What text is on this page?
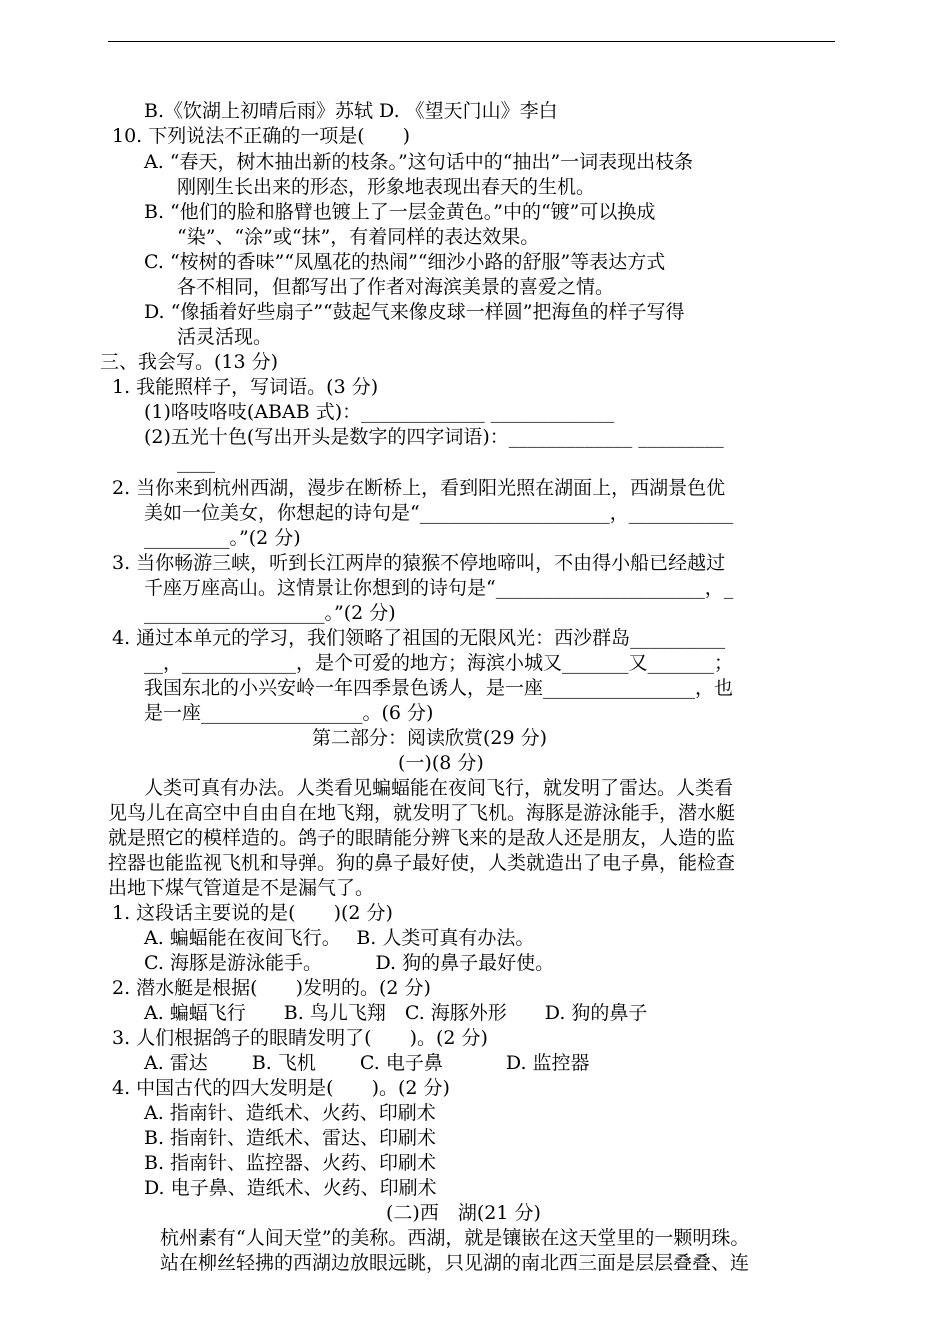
B.《饮湖上初晴后雨》苏轼 D. 《望天门山》李白
10. 下列说法不正确的一项是(　　)
A. “春天，树木抽出新的枝条。”这句话中的“抽出”一词表现出枝条
刚刚生长出来的形态，形象地表现出春天的生机。
B. “他们的脸和胳臂也镀上了一层金黄色。”中的“镀”可以换成
“染”、“涂”或“抹”，有着同样的表达效果。
C. “桉树的香味”“凤凰花的热闹”“细沙小路的舒服”等表达方式
各不相同，但都写出了作者对海滨美景的喜爱之情。
D. “像插着好些扇子”“鼓起气来像皮球一样圆”把海鱼的样子写得
活灵活现。
三、我会写。(13 分)
1. 我能照样子，写词语。(3 分)
(1)咯吱咯吱(ABAB 式)：_____________ _____________
(2)五光十色(写出开头是数字的四字词语)：_____________ _________
____
2. 当你来到杭州西湖，漫步在断桥上，看到阳光照在湖面上，西湖景色优
美如一位美女，你想起的诗句是“____________________，___________
_________。”(2 分)
3. 当你畅游三峡，听到长江两岸的猿猴不停地啼叫，不由得小船已经越过
千座万座高山。这情景让你想到的诗句是“______________________，_
___________________。”(2 分)
4. 通过本单元的学习，我们领略了祖国的无限风光：西沙群岛__________
__，____________，是个可爱的地方；海滨小城又_______又_______；
我国东北的小兴安岭一年四季景色诱人，是一座________________，也
是一座_________________。(6 分)
第二部分：阅读欣赏(29 分)
(一)(8 分)
人类可真有办法。人类看见蝙蝠能在夜间飞行，就发明了雷达。人类看
见鸟儿在高空中自由自在地飞翔，就发明了飞机。海豚是游泳能手，潜水艇
就是照它的模样造的。鸽子的眼睛能分辨飞来的是敌人还是朋友，人造的监
控器也能监视飞机和导弹。狗的鼻子最好使，人类就造出了电子鼻，能检查
出地下煤气管道是不是漏气了。
1. 这段话主要说的是(　　)(2 分)
A. 蝙蝠能在夜间飞行。　 B. 人类可真有办法。
C. 海豚是游泳能手。　　　 D. 狗的鼻子最好使。
2. 潜水艇是根据(　　)发明的。(2 分)
A. 蝙蝠飞行　　B. 鸟儿飞翔　C. 海豚外形　　D. 狗的鼻子
3. 人们根据鸽子的眼睛发明了(　　)。(2 分)
A. 雷达　　 B. 飞机　　 C. 电子鼻　　　 D. 监控器
4. 中国古代的四大发明是(　　)。(2 分)
A. 指南针、造纸术、火药、印刷术
B. 指南针、造纸术、雷达、印刷术
B. 指南针、监控器、火药、印刷术
D. 电子鼻、造纸术、火药、印刷术
(二)西　湖(21 分)
杭州素有“人间天堂”的美称。西湖，就是镶嵌在这天堂里的一颗明珠。
站在柳丝轻拂的西湖边放眼远眺，只见湖的南北西三面是层层叠叠、连
